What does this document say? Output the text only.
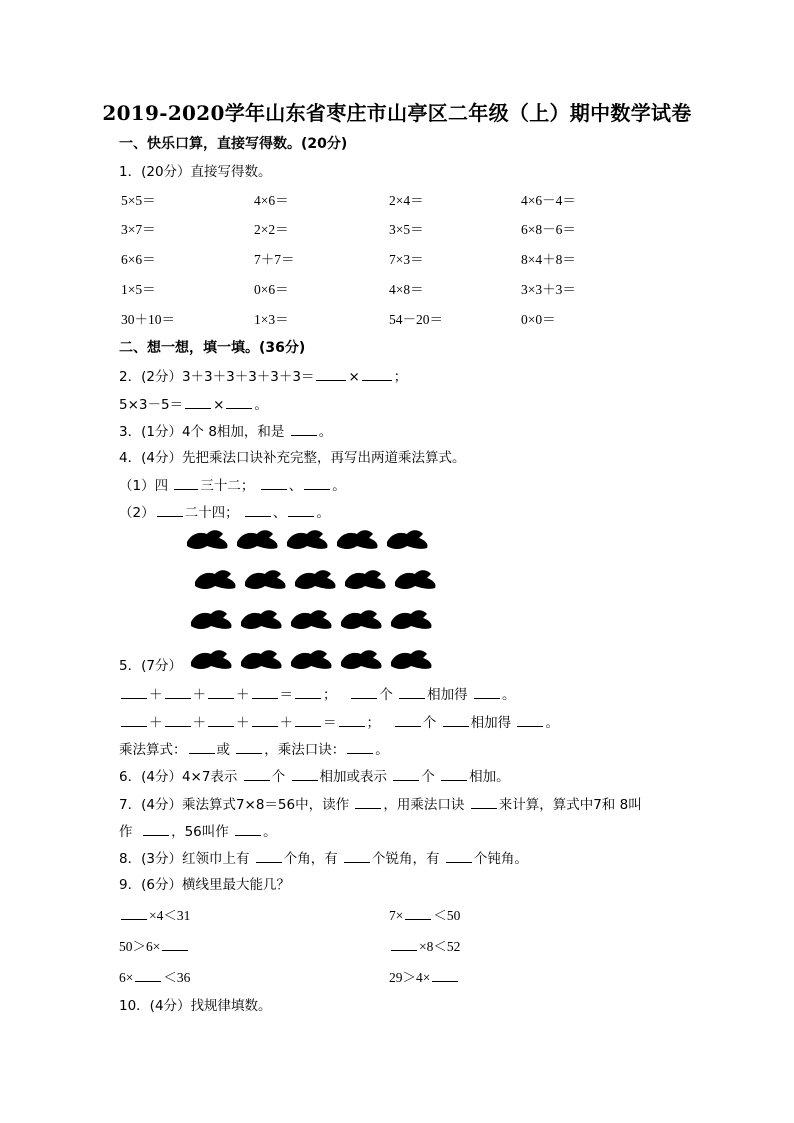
2019-2020学年山东省枣庄市山亭区二年级（上）期中数学试卷
一、快乐口算，直接写得数。(20分)
1．(20分）直接写得数。
5×5＝	4×6＝	2×4＝	4×6－4＝
3×7＝	2×2＝	3×5＝	6×8－6＝
6×6＝	7＋7＝	7×3＝	8×4＋8＝
1×5＝	0×6＝	4×8＝	3×3＋3＝
30＋10＝	1×3＝	54－20＝	0×0＝
二、想一想，填一填。(36分)
2．(2分）3＋3＋3＋3＋3＋3＝	×	；
5×3－5＝ × 。
3．(1分）4个 8相加，和是	。
4．(4分）先把乘法口诀补充完整，再写出两道乘法算式。
（1）四 三十二；	、 。
（2） 二十四；	、 。
5．(7分）
＋ ＋ ＋ ＝ ；	个	相加得	。
＋ ＋ ＋ ＋ ＝ ；	个	相加得	。
乘法算式： 或	，乘法口诀： 。
6．(4分）4×7表示	个	相加或表示	个	相加。
7．(4分）乘法算式7×8＝56中，读作	，用乘法口诀	来计算，算式中7和 8叫
作	，56叫作	。
8．(3分）红领巾上有	个角，有	个锐角，有	个钝角。
9．(6分）横线里最大能几？
×4＜31	7× ＜50
50＞6×	×8＜52
6× ＜36	29＞4×
10．(4分）找规律填数。
